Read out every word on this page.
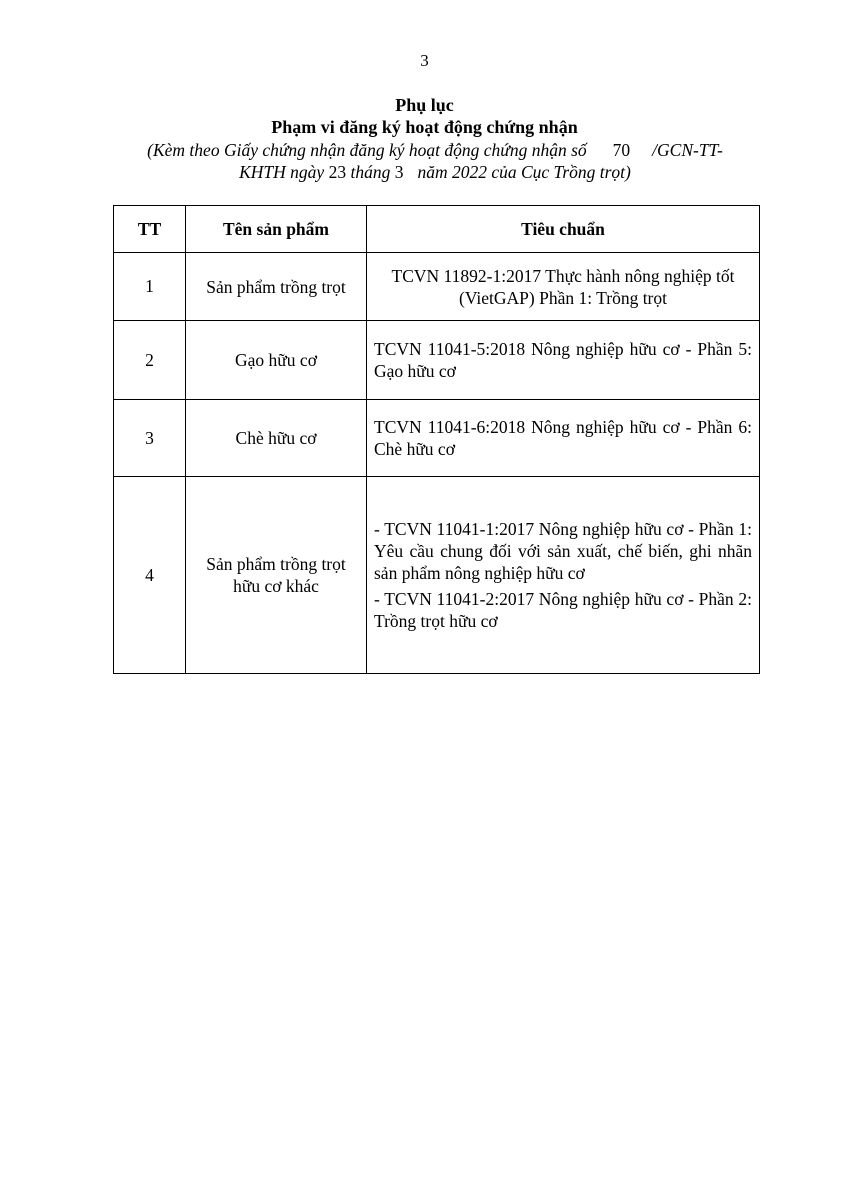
3
Phụ lục
Phạm vi đăng ký hoạt động chứng nhận
(Kèm theo Giấy chứng nhận đăng ký hoạt động chứng nhận số 70 /GCN-TT-
KHTH ngày 23 tháng 3 năm 2022 của Cục Trồng trọt)
TT	Tên sản phẩm	Tiêu chuẩn
1	Sản phẩm trồng trọt	TCVN 11892-1:2017 Thực hành nông nghiệp tốt (VietGAP) Phần 1: Trồng trọt
2	Gạo hữu cơ	TCVN 11041-5:2018 Nông nghiệp hữu cơ - Phần 5: Gạo hữu cơ
3	Chè hữu cơ	TCVN 11041-6:2018 Nông nghiệp hữu cơ - Phần 6: Chè hữu cơ
4	Sản phẩm trồng trọt hữu cơ khác	- TCVN 11041-1:2017 Nông nghiệp hữu cơ - Phần 1: Yêu cầu chung đối với sản xuất, chế biến, ghi nhãn sản phẩm nông nghiệp hữu cơ
- TCVN 11041-2:2017 Nông nghiệp hữu cơ - Phần 2: Trồng trọt hữu cơ
